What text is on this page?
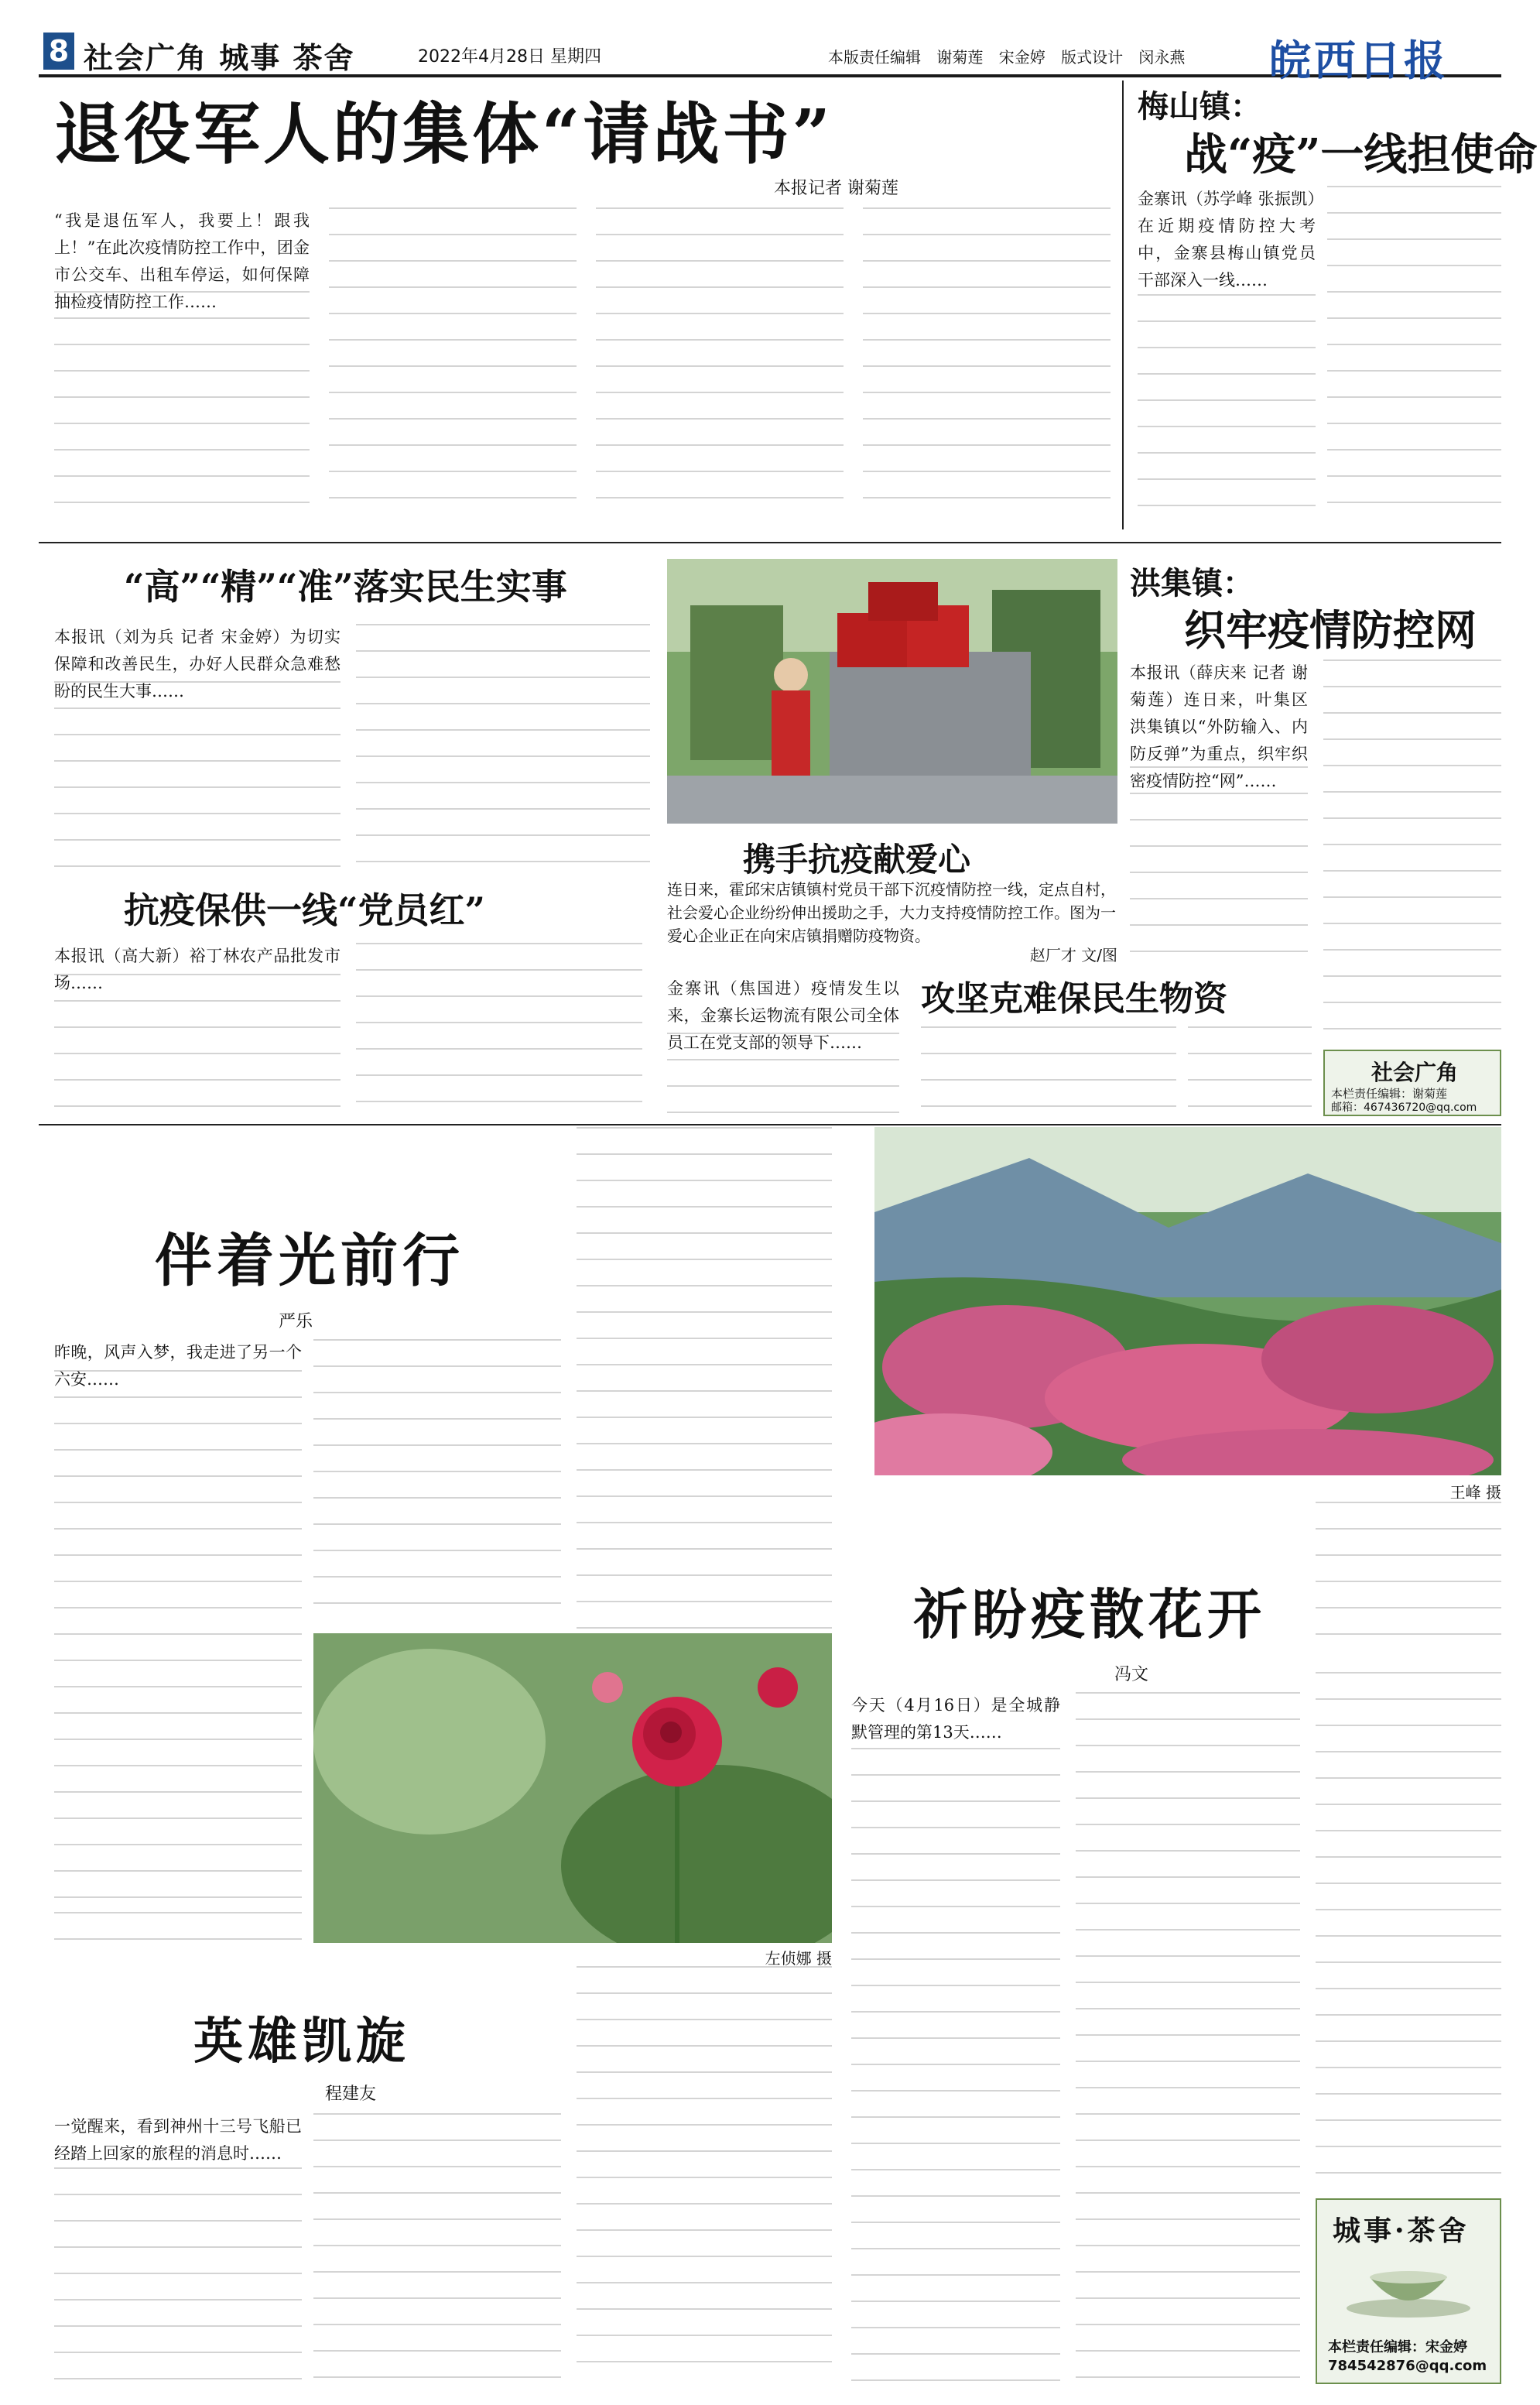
8 社会广角 城事 茶舍	2022年4月28日 星期四	本版责任编辑 谢菊莲 宋金婷 版式设计 闵永燕 皖西日报
退役军人的集体“请战书”
本报记者 谢菊莲
“我是退伍军人，我要上！跟我上！”在此次疫情防控工作中，团金市公交车、出租车停运，如何保障抽检疫情防控工作……
梅山镇：
战“疫”一线担使命
金寨讯（苏学峰 张振凯）在近期疫情防控大考中，金寨县梅山镇党员干部深入一线……
“高”“精”“准”落实民生实事
本报讯（刘为兵 记者 宋金婷）为切实保障和改善民生，办好人民群众急难愁盼的民生大事……
携手抗疫献爱心
连日来，霍邱宋店镇镇村党员干部下沉疫情防控一线，定点自村，社会爱心企业纷纷伸出援助之手，大力支持疫情防控工作。图为一爱心企业正在向宋店镇捐赠防疫物资。
赵厂才 文/图
洪集镇：
织牢疫情防控网
本报讯（薛庆来 记者 谢菊莲）连日来，叶集区洪集镇以“外防输入、内防反弹”为重点，织牢织密疫情防控“网”……
抗疫保供一线“党员红”
本报讯（高大新）裕丁林农产品批发市场……	金寨讯（焦国进）疫情发生以来，金寨长运物流有限公司全体员工在党支部的领导下……
攻坚克难保民生物资
社会广角
本栏责任编辑：谢菊莲
邮箱：467436720@qq.com
伴着光前行
严乐
昨晚，风声入梦，我走进了另一个六安……
王峰 摄
左侦娜 摄
祈盼疫散花开
冯文
今天（4月16日）是全城静默管理的第13天……
英雄凯旋
程建友
一觉醒来，看到神州十三号飞船已经踏上回家的旅程的消息时……
城事·茶舍
本栏责任编辑：宋金婷
784542876@qq.com
